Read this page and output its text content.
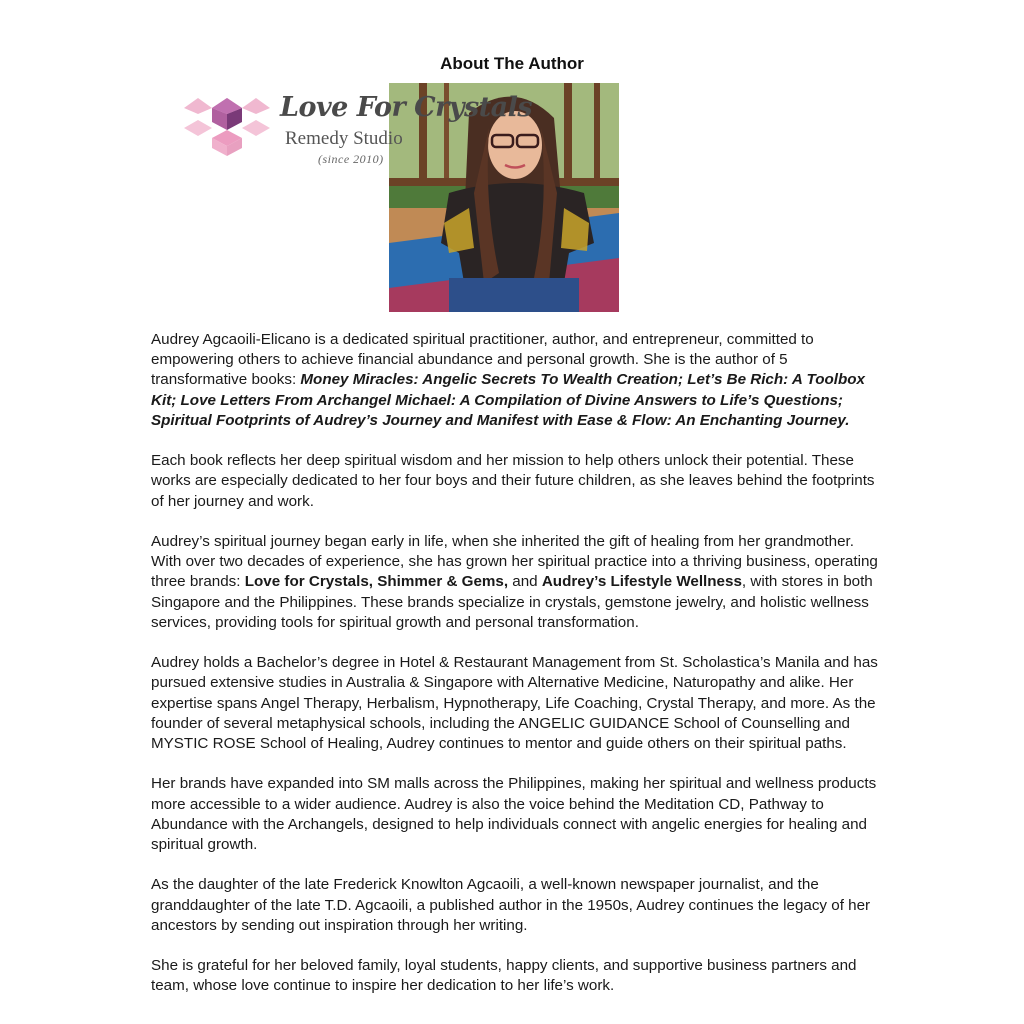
About The Author
Love For Crystals
Remedy Studio
(since 2010)

Audrey Agcaoili-Elicano is a dedicated spiritual practitioner, author, and entrepreneur, committed to empowering others to achieve financial abundance and personal growth. She is the author of 5 transformative books: Money Miracles: Angelic Secrets To Wealth Creation; Let’s Be Rich: A Toolbox Kit; Love Letters From Archangel Michael: A Compilation of Divine Answers to Life’s Questions; Spiritual Footprints of Audrey’s Journey and Manifest with Ease & Flow: An Enchanting Journey.

Each book reflects her deep spiritual wisdom and her mission to help others unlock their potential. These works are especially dedicated to her four boys and their future children, as she leaves behind the footprints of her journey and work.

Audrey’s spiritual journey began early in life, when she inherited the gift of healing from her grandmother. With over two decades of experience, she has grown her spiritual practice into a thriving business, operating three brands: Love for Crystals, Shimmer & Gems, and Audrey’s Lifestyle Wellness, with stores in both Singapore and the Philippines. These brands specialize in crystals, gemstone jewelry, and holistic wellness services, providing tools for spiritual growth and personal transformation.

Audrey holds a Bachelor’s degree in Hotel & Restaurant Management from St. Scholastica’s Manila and has pursued extensive studies in Australia & Singapore with Alternative Medicine, Naturopathy and alike. Her expertise spans Angel Therapy, Herbalism, Hypnotherapy, Life Coaching, Crystal Therapy, and more. As the founder of several metaphysical schools, including the ANGELIC GUIDANCE School of Counselling and MYSTIC ROSE School of Healing, Audrey continues to mentor and guide others on their spiritual paths.

Her brands have expanded into SM malls across the Philippines, making her spiritual and wellness products more accessible to a wider audience. Audrey is also the voice behind the Meditation CD, Pathway to Abundance with the Archangels, designed to help individuals connect with angelic energies for healing and spiritual growth.

As the daughter of the late Frederick Knowlton Agcaoili, a well-known newspaper journalist, and the granddaughter of the late T.D. Agcaoili, a published author in the 1950s, Audrey continues the legacy of her ancestors by sending out inspiration through her writing.

She is grateful for her beloved family, loyal students, happy clients, and supportive business partners and team, whose love continue to inspire her dedication to her life’s work.
